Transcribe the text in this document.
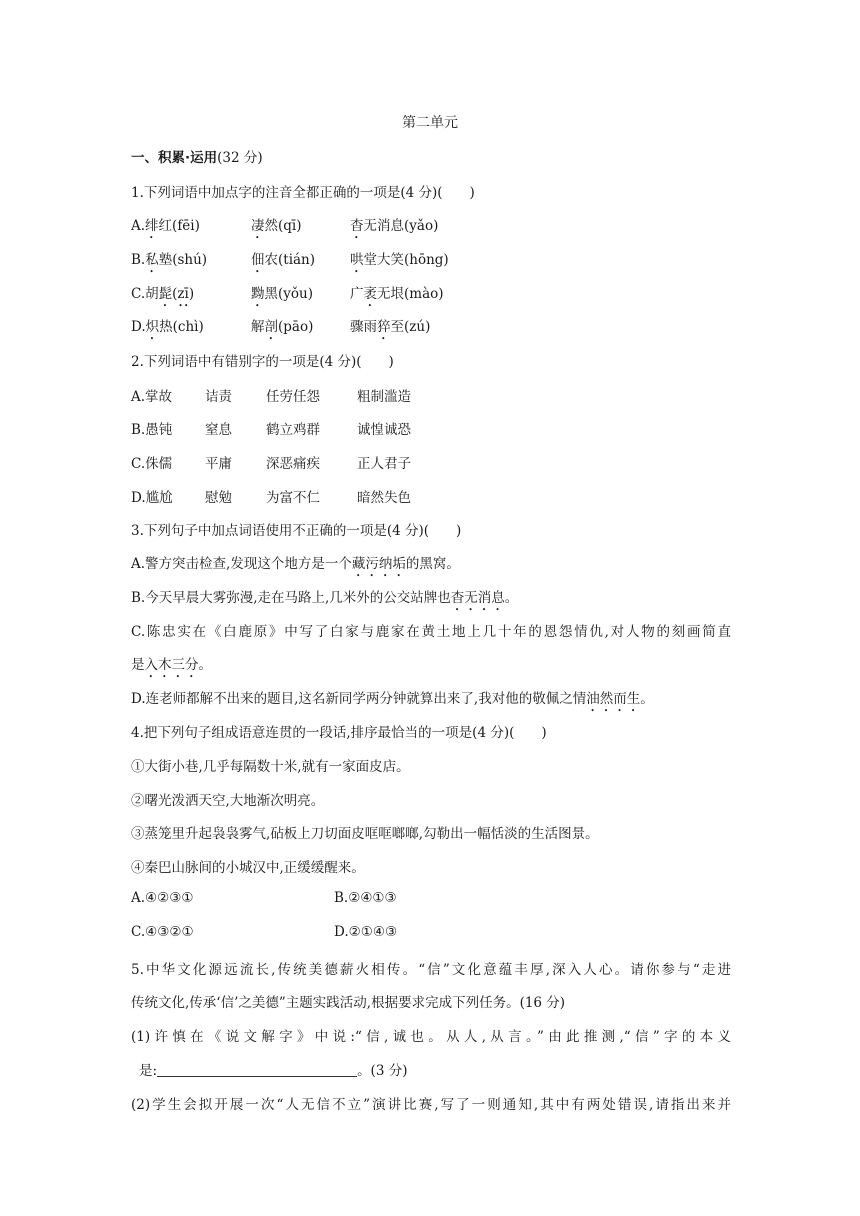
第二单元
一、积累·运用(32 分)
1.下列词语中加点字的注音全都正确的一项是(4 分)(　　)
A.绯红(fēi)	凄然(qī)	杳无消息(yǎo)
B.私塾(shú)	佃农(tián)	哄堂大笑(hōng)
C.胡髭(zī)	黝黑(yǒu)	广袤无垠(mào)
D.炽热(chì)	解剖(pāo)	骤雨猝至(zú)
2.下列词语中有错别字的一项是(4 分)(　　)
A.掌故 诘责	任劳任怨	粗制滥造
B.愚钝 窒息	鹤立鸡群	诚惶诚恐
C.侏儒 平庸	深恶痛疾	正人君子
D.尴尬 慰勉	为富不仁	暗然失色
3.下列句子中加点词语使用不正确的一项是(4 分)(　　)
A.警方突击检查,发现这个地方是一个藏污纳垢的黑窝。
B.今天早晨大雾弥漫,走在马路上,几米外的公交站牌也杳无消息。
C.陈忠实在《白鹿原》中写了白家与鹿家在黄土地上几十年的恩怨情仇,对人物的刻画简直
是入木三分。
D.连老师都解不出来的题目,这名新同学两分钟就算出来了,我对他的敬佩之情油然而生。
4.把下列句子组成语意连贯的一段话,排序最恰当的一项是(4 分)(　　)
①大街小巷,几乎每隔数十米,就有一家面皮店。
②曙光泼洒天空,大地渐次明亮。
③蒸笼里升起袅袅雾气,砧板上刀切面皮哐哐啷啷,勾勒出一幅恬淡的生活图景。
④秦巴山脉间的小城汉中,正缓缓醒来。
A.④②③①	B.②④①③
C.④③②①	D.②①④③
5.中华文化源远流长,传统美德薪火相传。“信”文化意蕴丰厚,深入人心。请你参与“走进
传统文化,传承‘信’之美德”主题实践活动,根据要求完成下列任务。(16 分)
(1)许慎在《说文解字》中说:“信,诚也。从人,从言。”由此推测,“信”字的本义
是:	。(3 分)
(2)学生会拟开展一次“人无信不立”演讲比赛,写了一则通知,其中有两处错误,请指出来并
